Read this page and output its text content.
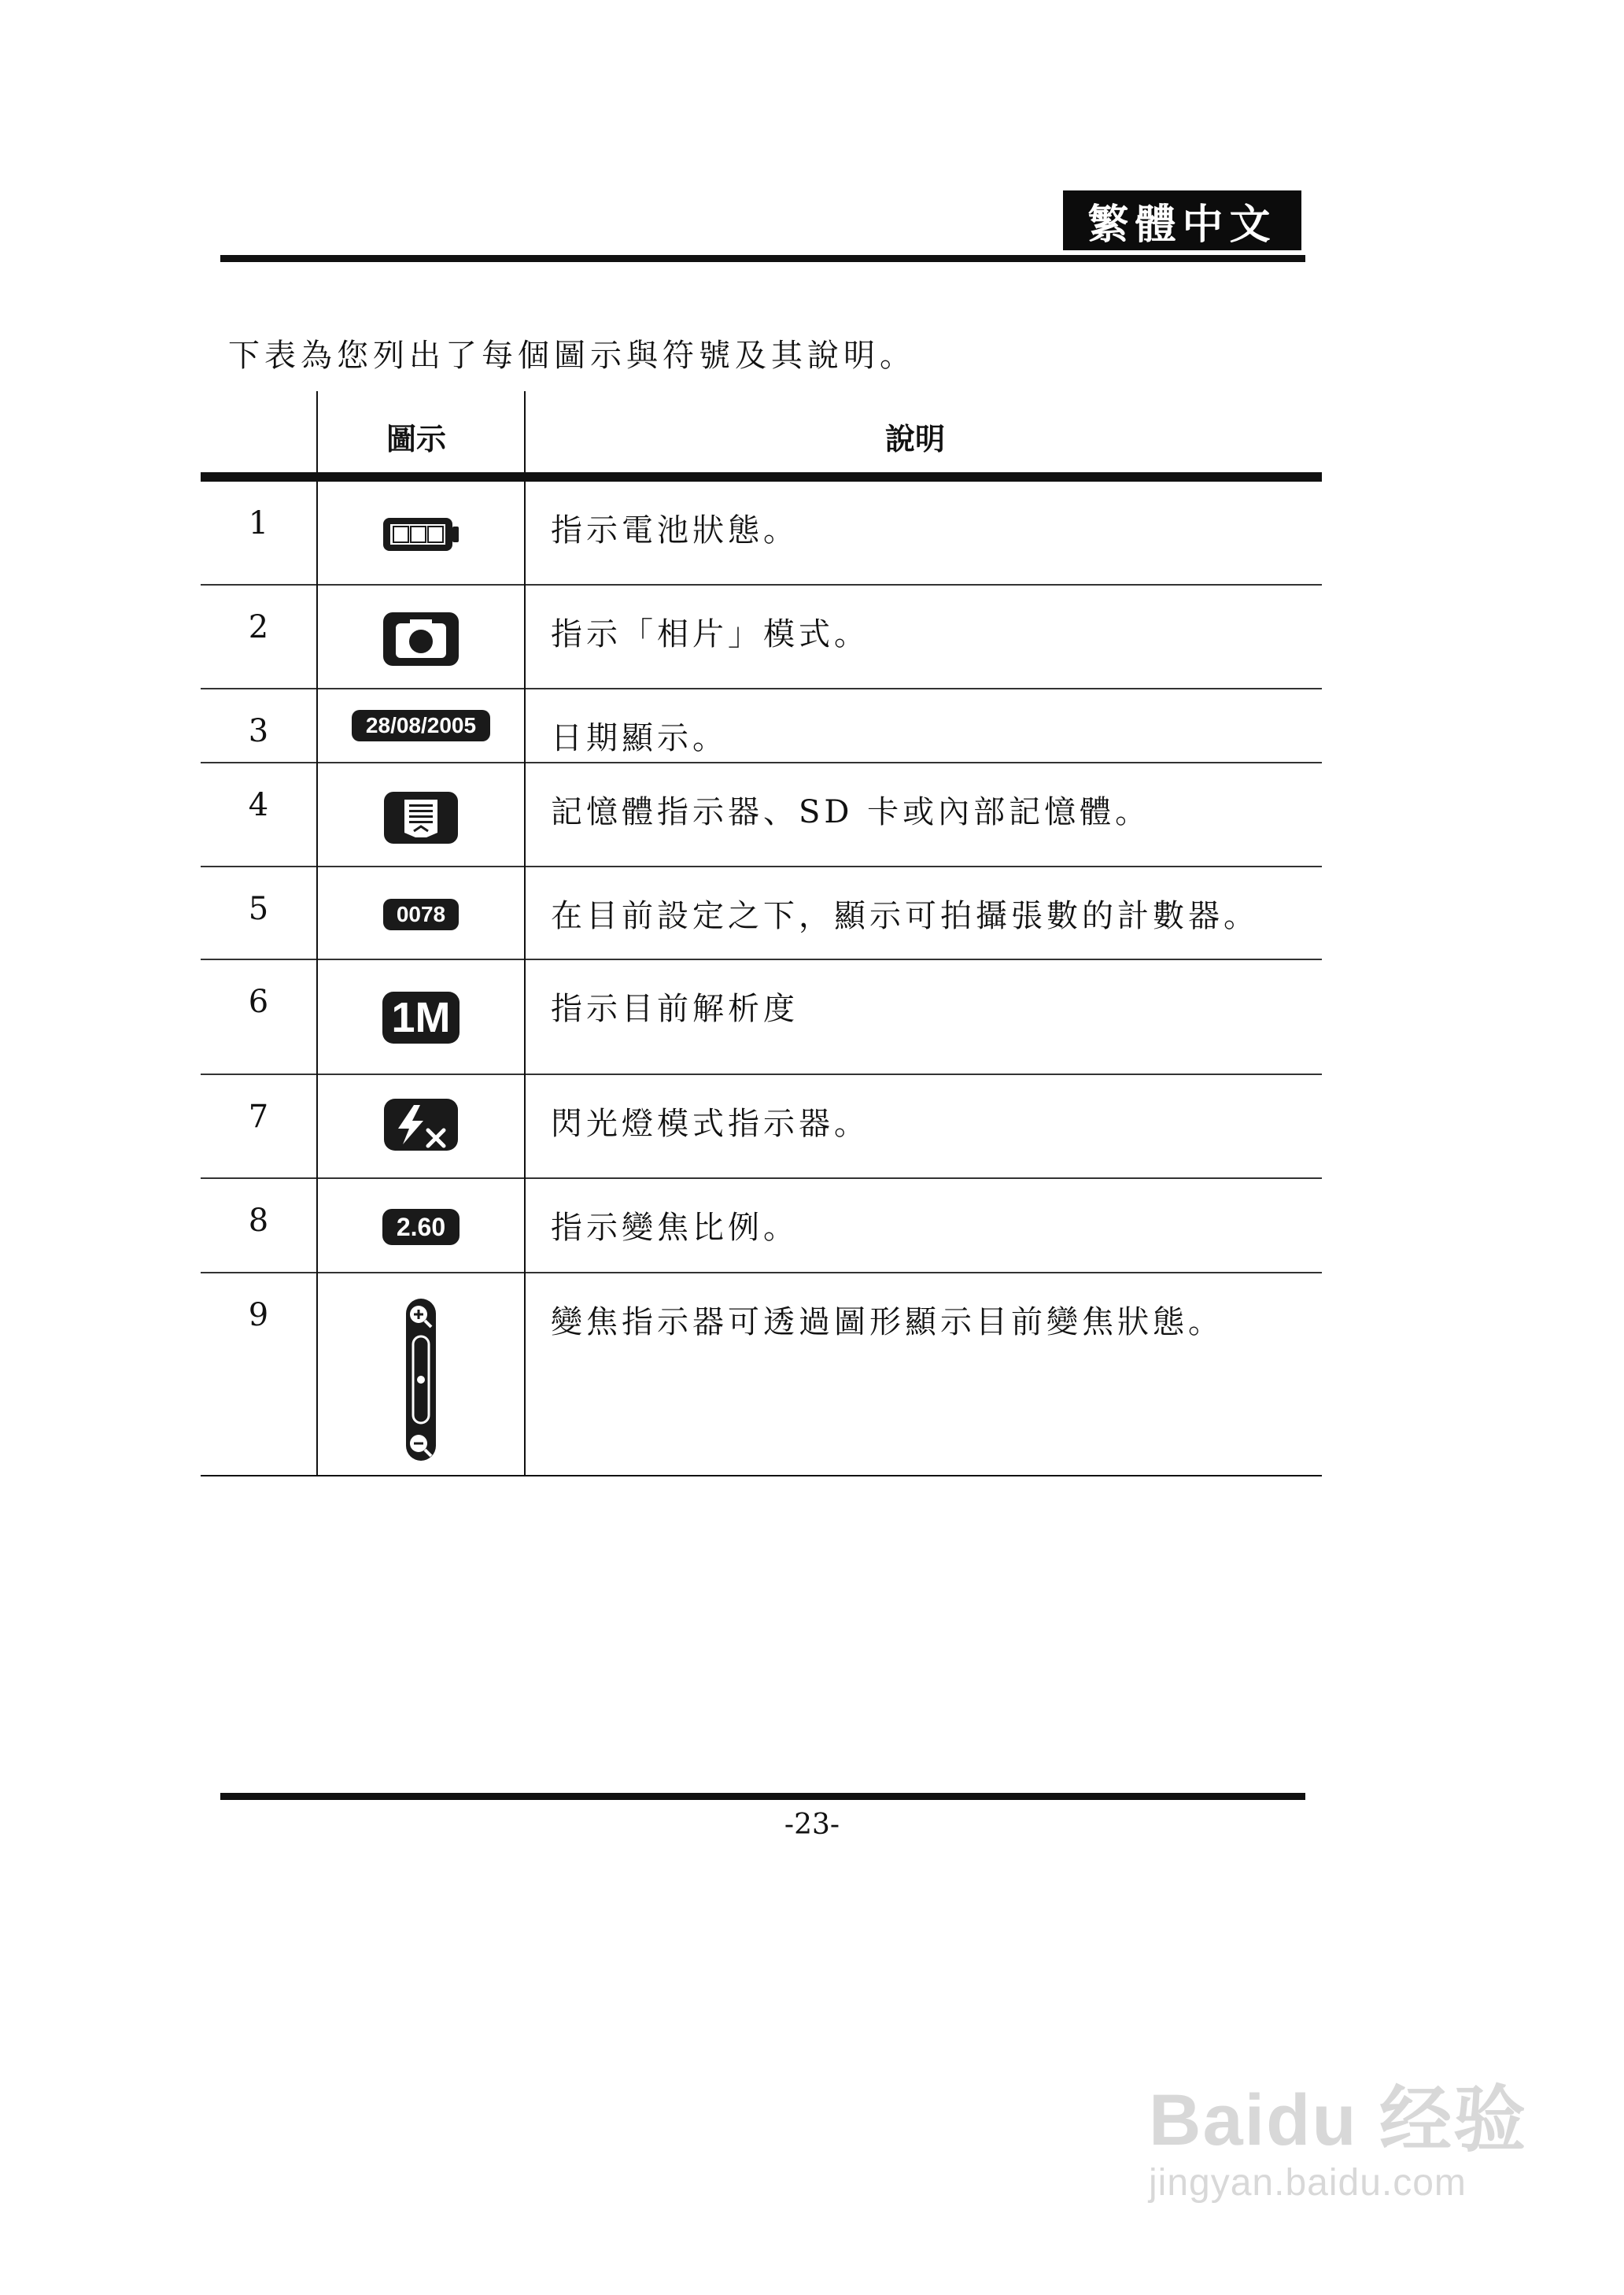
繁體中文
下表為您列出了每個圖示與符號及其說明。
圖示	說明
1	指示電池狀態。
2	指示「相片」模式。
3	28/08/2005	日期顯示。
4	記憶體指示器、SD 卡或內部記憶體。
5	0078	在目前設定之下，顯示可拍攝張數的計數器。
6	1M	指示目前解析度
7	閃光燈模式指示器。
8	2.60	指示變焦比例。
9	變焦指示器可透過圖形顯示目前變焦狀態。
-23-
Baidu 经验
jingyan.baidu.com
